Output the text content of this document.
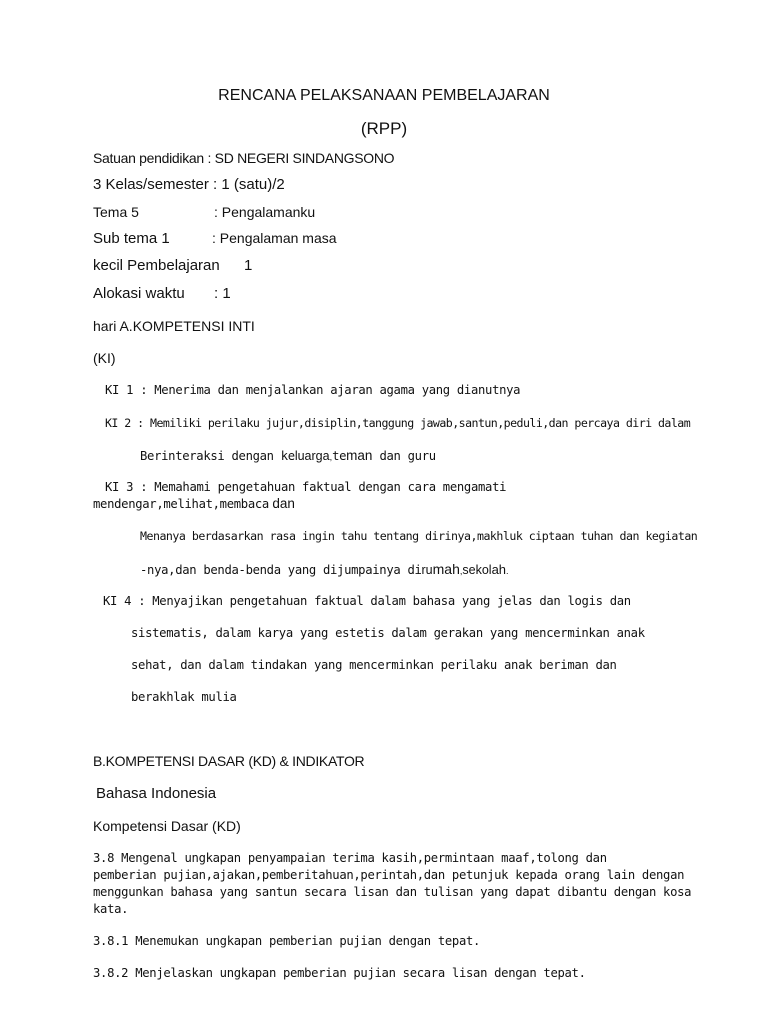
RENCANA PELAKSANAAN PEMBELAJARAN
(RPP)
Satuan pendidikan : SD NEGERI SINDANGSONO
3 Kelas/semester : 1 (satu)/2
Tema 5	: Pengalamanku
Sub tema 1	: Pengalaman masa
kecil Pembelajaran 1
Alokasi waktu : 1
hari A.KOMPETENSI INTI
(KI)
KI 1 : Menerima dan menjalankan ajaran agama yang dianutnya
KI 2 : Memiliki perilaku jujur,disiplin,tanggung jawab,santun,peduli,dan percaya diri dalam
Berinteraksi dengan keluarga,teman dan guru
KI 3 : Memahami pengetahuan faktual dengan cara mengamati
mendengar,melihat,membaca dan
Menanya berdasarkan rasa ingin tahu tentang dirinya,makhluk ciptaan tuhan dan kegiatan
-nya,dan benda-benda yang dijumpainya dirumah,sekolah.
KI 4 : Menyajikan pengetahuan faktual dalam bahasa yang jelas dan logis dan
sistematis, dalam karya yang estetis dalam gerakan yang mencerminkan anak
sehat, dan dalam tindakan yang mencerminkan perilaku anak beriman dan
berakhlak mulia
B.KOMPETENSI DASAR (KD) & INDIKATOR
Bahasa Indonesia
Kompetensi Dasar (KD)
3.8 Mengenal ungkapan penyampaian terima kasih,permintaan maaf,tolong dan
pemberian pujian,ajakan,pemberitahuan,perintah,dan petunjuk kepada orang lain dengan
menggunkan bahasa yang santun secara lisan dan tulisan yang dapat dibantu dengan kosa
kata.
3.8.1 Menemukan ungkapan pemberian pujian dengan tepat.
3.8.2 Menjelaskan ungkapan pemberian pujian secara lisan dengan tepat.
